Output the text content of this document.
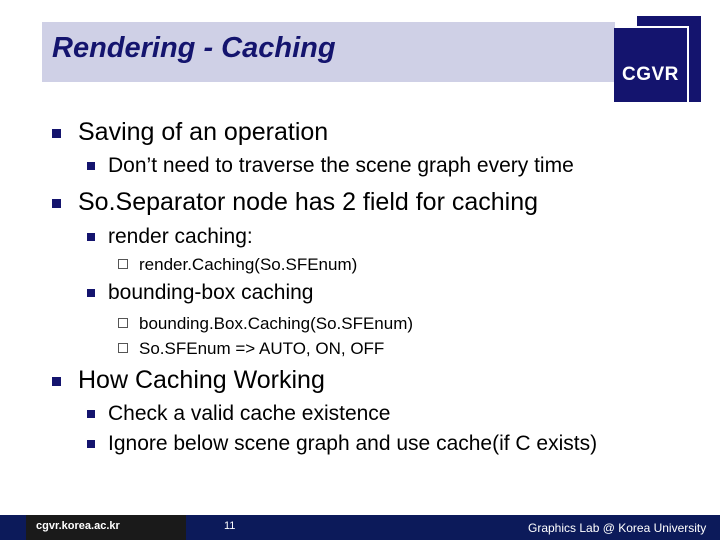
Rendering - Caching
CGVR
Saving of an operation
Don’t need to traverse the scene graph every time
So.Separator node has 2 field for caching
render caching:
render.Caching(So.SFEnum)
bounding-box caching
bounding.Box.Caching(So.SFEnum)
So.SFEnum => AUTO, ON, OFF
How Caching Working
Check a valid cache existence
Ignore below scene graph and use cache(if C exists)
cgvr.korea.ac.kr	11	Graphics Lab @ Korea University
